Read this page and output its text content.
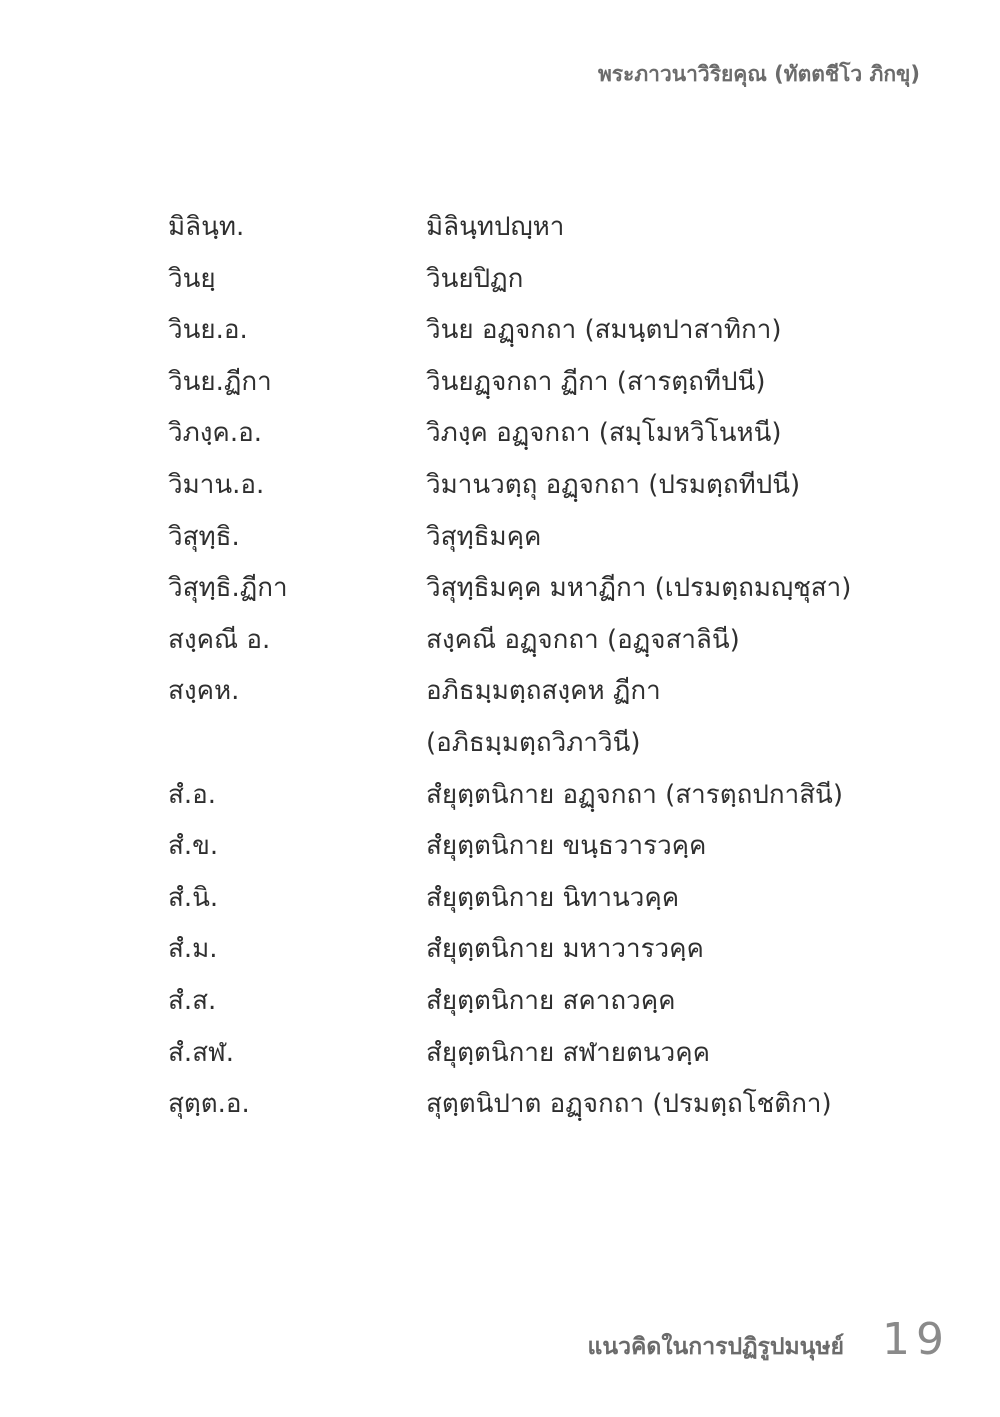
พระภาวนาวิริยคุณ (ทัตตชีโว ภิกขุ)
มิลินฺท.	มิลินฺทปญฺหา
วินยฺ	วินยปิฏก
วินย.อ.	วินย อฏฺจกถา (สมนฺตปาสาทิกา)
วินย.ฏีกา	วินยฏฺจกถา ฏีกา (สารตฺถทีปนี)
วิภงฺค.อ.	วิภงฺค อฏฺจกถา (สมฺโมหวิโนหนี)
วิมาน.อ.	วิมานวตฺถุ อฏฺจกถา (ปรมตฺถทีปนี)
วิสุทฺธิ.	วิสุทฺธิมคฺค
วิสุทฺธิ.ฏีกา	วิสุทฺธิมคฺค มหาฏีกา (เปรมตฺถมญฺชุสา)
สงฺคณี อ.	สงฺคณี อฏฺจกถา (อฏฺจสาลินี)
สงฺคห.	อภิธมฺมตฺถสงฺคห ฏีกา
(อภิธมฺมตฺถวิภาวินี)
สํ.อ.	สํยุตฺตนิกาย อฏฺจกถา (สารตฺถปกาสินี)
สํ.ข.	สํยุตฺตนิกาย ขนฺธวารวคฺค
สํ.นิ.	สํยุตฺตนิกาย นิทานวคฺค
สํ.ม.	สํยุตฺตนิกาย มหาวารวคฺค
สํ.ส.	สํยุตฺตนิกาย สคาถวคฺค
สํ.สฬ.	สํยุตฺตนิกาย สฬายตนวคฺค
สุตฺต.อ.	สุตฺตนิปาต อฏฺจกถา (ปรมตฺถโชติกา)
แนวคิดในการปฏิรูปมนุษย์ 19
